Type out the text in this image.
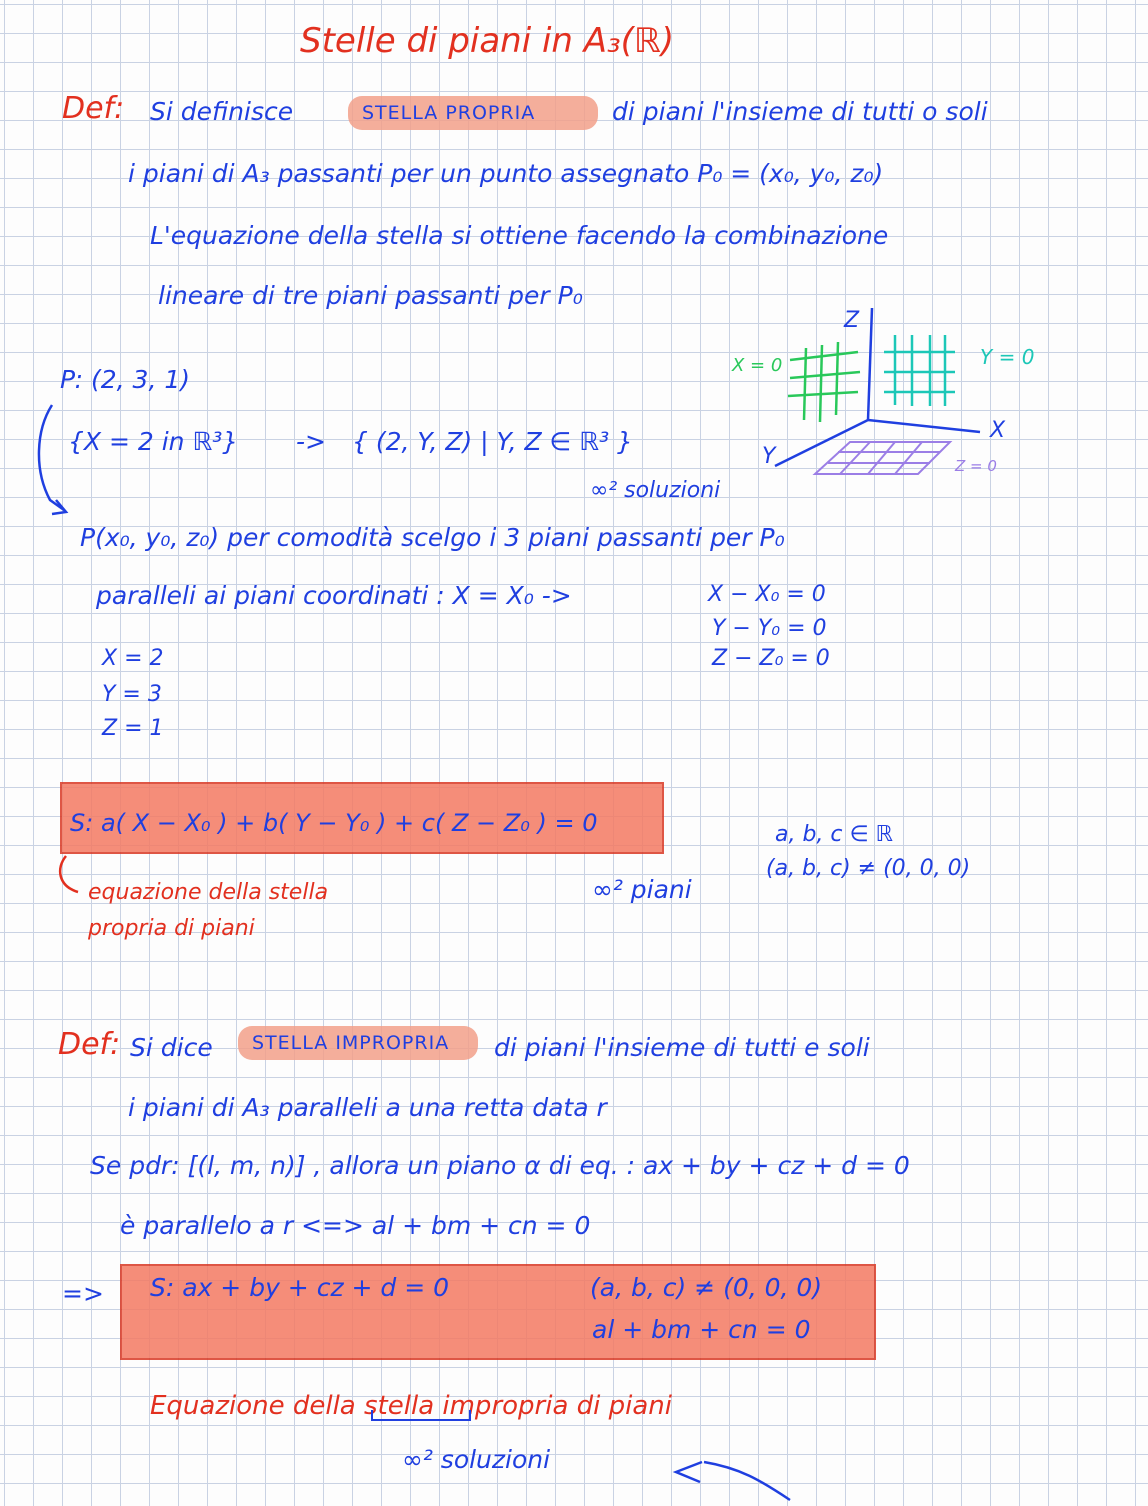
Stelle di piani in A₃(ℝ)
Def: Si definisce	STELLA PROPRIA	di piani l'insieme di tutti o soli
i piani di A₃ passanti per un punto assegnato P₀ = (x₀, y₀, z₀)
L'equazione della stella si ottiene facendo la combinazione
lineare di tre piani passanti per P₀
Z
X
Y
X = 0	Y = 0
Z = 0
P: (2, 3, 1)
{X = 2 in ℝ³} -> { (2, Y, Z) | Y, Z ∈ ℝ³ }
∞² soluzioni
P(x₀, y₀, z₀) per comodità scelgo i 3 piani passanti per P₀
paralleli ai piani coordinati : X = X₀ ->	X − X₀ = 0
Y − Y₀ = 0
Z − Z₀ = 0
X = 2
Y = 3
Z = 1
S: a( X − X₀ ) + b( Y − Y₀ ) + c( Z − Z₀ ) = 0	a, b, c ∈ ℝ
(a, b, c) ≠ (0, 0, 0)
∞² piani
equazione della stella
propria di piani
Def: Si dice STELLA IMPROPRIA di piani l'insieme di tutti e soli
i piani di A₃ paralleli a una retta data r
Se pdr: [(l, m, n)] , allora un piano α di eq. : ax + by + cz + d = 0
è parallelo a r <=> al + bm + cn = 0
=> S: ax + by + cz + d = 0	(a, b, c) ≠ (0, 0, 0)
al + bm + cn = 0
Equazione della stella impropria di piani
∞² soluzioni
